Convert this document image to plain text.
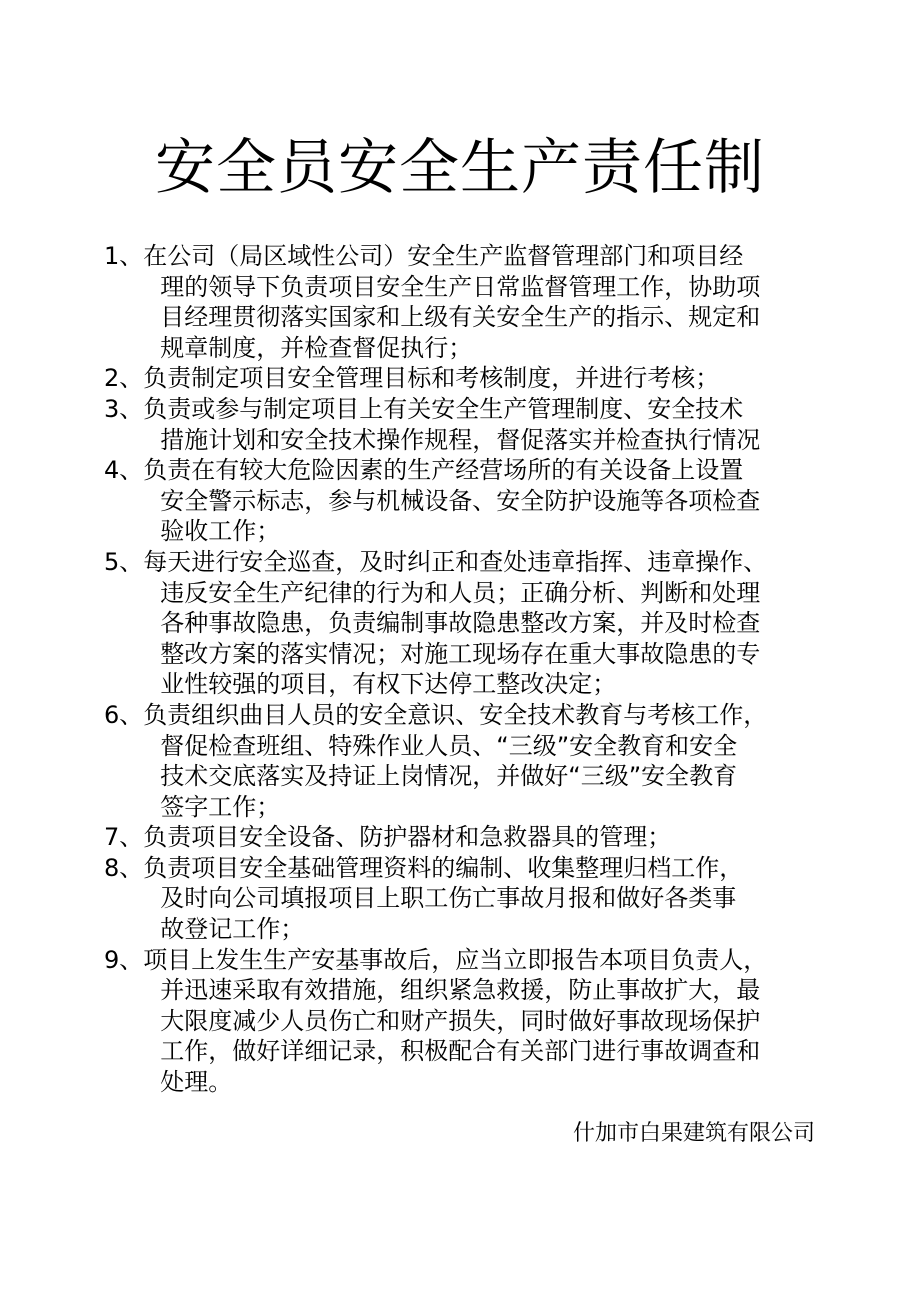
安全员安全生产责任制
1、 在公司（局区域性公司）安全生产监督管理部门和项目经
理的领导下负责项目安全生产日常监督管理工作，协助项
目经理贯彻落实国家和上级有关安全生产的指示、规定和
规章制度，并检查督促执行；
2、 负责制定项目安全管理目标和考核制度，并进行考核；
3、 负责或参与制定项目上有关安全生产管理制度、安全技术
措施计划和安全技术操作规程，督促落实并检查执行情况
4、 负责在有较大危险因素的生产经营场所的有关设备上设置
安全警示标志，参与机械设备、安全防护设施等各项检查
验收工作；
5、 每天进行安全巡查，及时纠正和查处违章指挥、违章操作、
违反安全生产纪律的行为和人员；正确分析、判断和处理
各种事故隐患，负责编制事故隐患整改方案，并及时检查
整改方案的落实情况；对施工现场存在重大事故隐患的专
业性较强的项目，有权下达停工整改决定；
6、 负责组织曲目人员的安全意识、安全技术教育与考核工作，
督促检查班组、特殊作业人员、“三级”安全教育和安全
技术交底落实及持证上岗情况，并做好“三级”安全教育
签字工作；
7、 负责项目安全设备、防护器材和急救器具的管理；
8、 负责项目安全基础管理资料的编制、收集整理归档工作，
及时向公司填报项目上职工伤亡事故月报和做好各类事
故登记工作；
9、 项目上发生生产安基事故后，应当立即报告本项目负责人，
并迅速采取有效措施，组织紧急救援，防止事故扩大，最
大限度减少人员伤亡和财产损失，同时做好事故现场保护
工作，做好详细记录，积极配合有关部门进行事故调查和
处理。
什加市白果建筑有限公司
